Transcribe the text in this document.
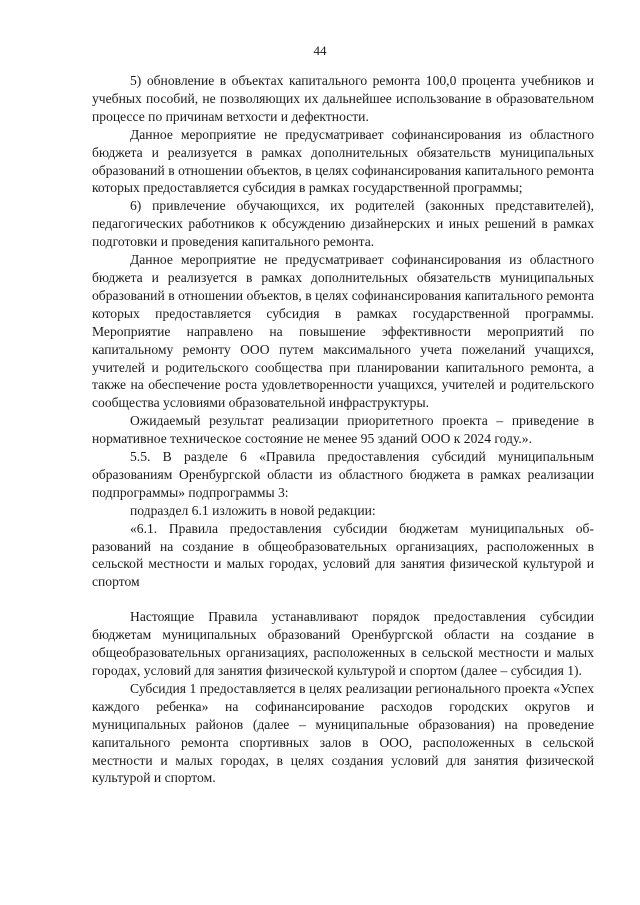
44

5) обновление в объектах капитального ремонта 100,0 процента учебников и учебных пособий, не позволяющих их дальнейшее использование в образовательном процессе по причинам ветхости и дефектности.

Данное мероприятие не предусматривает софинансирования из областного бюджета и реализуется в рамках дополнительных обязательств муниципальных образований в отношении объектов, в целях софинансирования капитального ремонта которых предоставляется субсидия в рамках государственной программы;

6) привлечение обучающихся, их родителей (законных представителей), педагогических работников к обсуждению дизайнерских и иных решений в рамках подготовки и проведения капитального ремонта.

Данное мероприятие не предусматривает софинансирования из областного бюджета и реализуется в рамках дополнительных обязательств муниципальных образований в отношении объектов, в целях софинансирования капитального ремонта которых предоставляется субсидия в рамках государственной программы. Мероприятие направлено на повышение эффективности мероприятий по капитальному ремонту ООО путем максимального учета пожеланий учащихся, учителей и родительского сообщества при планировании капитального ремонта, а также на обеспечение роста удовлетворенности учащихся, учителей и родительского сообщества условиями образовательной инфраструктуры.

Ожидаемый результат реализации приоритетного проекта – приведение в нормативное техническое состояние не менее 95 зданий ООО к 2024 году.».

5.5. В разделе 6 «Правила предоставления субсидий муниципальным образованиям Оренбургской области из областного бюджета в рамках реализации подпрограммы» подпрограммы 3:

подраздел 6.1 изложить в новой редакции:

«6.1. Правила предоставления субсидии бюджетам муниципальных образований на создание в общеобразовательных организациях, расположенных в сельской местности и малых городах, условий для занятия физической культурой и спортом

Настоящие Правила устанавливают порядок предоставления субсидии бюджетам муниципальных образований Оренбургской области на создание в общеобразовательных организациях, расположенных в сельской местности и малых городах, условий для занятия физической культурой и спортом (далее – субсидия 1).

Субсидия 1 предоставляется в целях реализации регионального проекта «Успех каждого ребенка» на софинансирование расходов городских округов и муниципальных районов (далее – муниципальные образования) на проведение капитального ремонта спортивных залов в ООО, расположенных в сельской местности и малых городах, в целях создания условий для занятия физической культурой и спортом.
